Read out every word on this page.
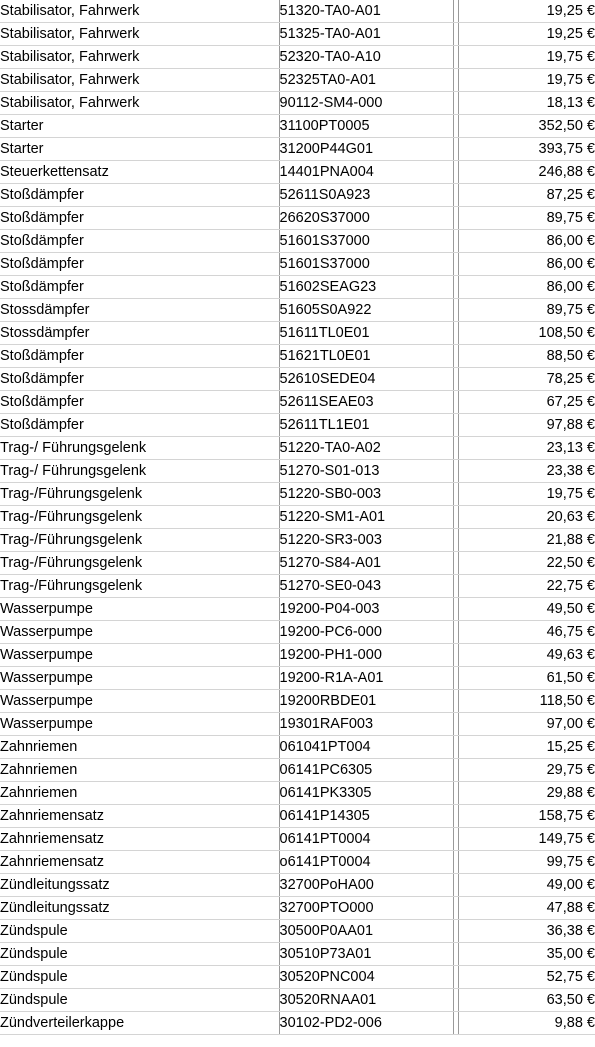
Stabilisator, Fahrwerk	51320-TA0-A01		19,25 €
Stabilisator, Fahrwerk	51325-TA0-A01		19,25 €
Stabilisator, Fahrwerk	52320-TA0-A10		19,75 €
Stabilisator, Fahrwerk	52325TA0-A01		19,75 €
Stabilisator, Fahrwerk	90112-SM4-000		18,13 €
Starter	31100PT0005		352,50 €
Starter	31200P44G01		393,75 €
Steuerkettensatz	14401PNA004		246,88 €
Stoßdämpfer	52611S0A923		87,25 €
Stoßdämpfer	26620S37000		89,75 €
Stoßdämpfer	51601S37000		86,00 €
Stoßdämpfer	51601S37000		86,00 €
Stoßdämpfer	51602SEAG23		86,00 €
Stossdämpfer	51605S0A922		89,75 €
Stossdämpfer	51611TL0E01		108,50 €
Stoßdämpfer	51621TL0E01		88,50 €
Stoßdämpfer	52610SEDE04		78,25 €
Stoßdämpfer	52611SEAE03		67,25 €
Stoßdämpfer	52611TL1E01		97,88 €
Trag-/ Führungsgelenk	51220-TA0-A02		23,13 €
Trag-/ Führungsgelenk	51270-S01-013		23,38 €
Trag-/Führungsgelenk	51220-SB0-003		19,75 €
Trag-/Führungsgelenk	51220-SM1-A01		20,63 €
Trag-/Führungsgelenk	51220-SR3-003		21,88 €
Trag-/Führungsgelenk	51270-S84-A01		22,50 €
Trag-/Führungsgelenk	51270-SE0-043		22,75 €
Wasserpumpe	19200-P04-003		49,50 €
Wasserpumpe	19200-PC6-000		46,75 €
Wasserpumpe	19200-PH1-000		49,63 €
Wasserpumpe	19200-R1A-A01		61,50 €
Wasserpumpe	19200RBDE01		118,50 €
Wasserpumpe	19301RAF003		97,00 €
Zahnriemen	061041PT004		15,25 €
Zahnriemen	06141PC6305		29,75 €
Zahnriemen	06141PK3305		29,88 €
Zahnriemensatz	06141P14305		158,75 €
Zahnriemensatz	06141PT0004		149,75 €
Zahnriemensatz	o6141PT0004		99,75 €
Zündleitungssatz	32700PoHA00		49,00 €
Zündleitungssatz	32700PTO000		47,88 €
Zündspule	30500P0AA01		36,38 €
Zündspule	30510P73A01		35,00 €
Zündspule	30520PNC004		52,75 €
Zündspule	30520RNAA01		63,50 €
Zündverteilerkappe	30102-PD2-006		9,88 €
